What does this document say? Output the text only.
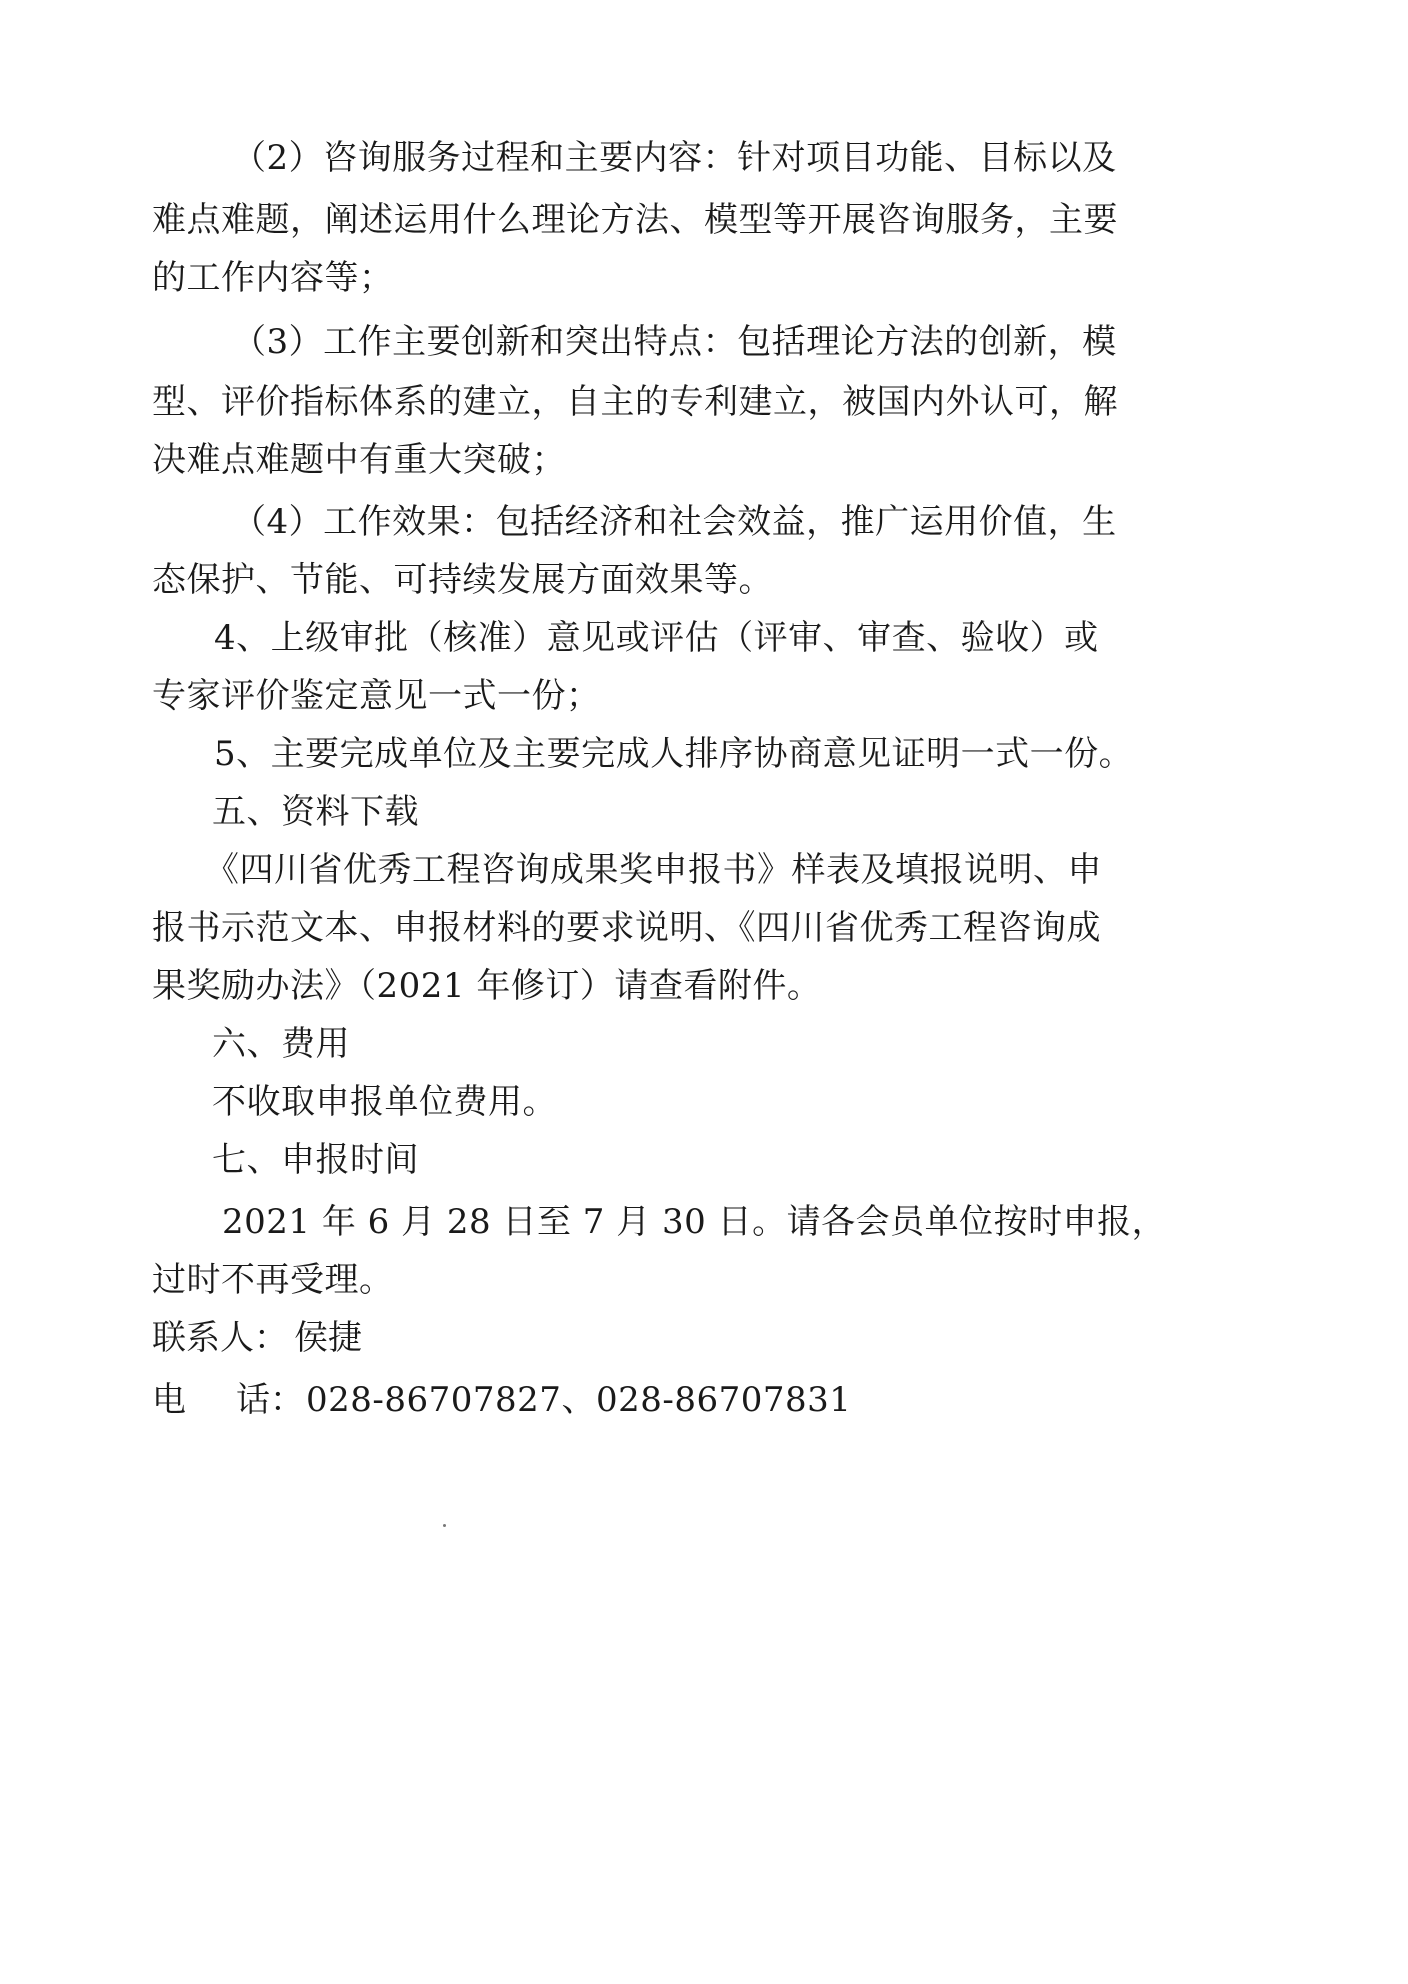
（2）咨询服务过程和主要内容：针对项目功能、目标以及
难点难题，阐述运用什么理论方法、模型等开展咨询服务，主要
的工作内容等；
（3）工作主要创新和突出特点：包括理论方法的创新，模
型、评价指标体系的建立，自主的专利建立，被国内外认可，解
决难点难题中有重大突破；
（4）工作效果：包括经济和社会效益，推广运用价值，生
态保护、节能、可持续发展方面效果等。
4、上级审批（核准）意见或评估（评审、审查、验收）或
专家评价鉴定意见一式一份；
5、主要完成单位及主要完成人排序协商意见证明一式一份。
五、资料下载
《四川省优秀工程咨询成果奖申报书》样表及填报说明、申
报书示范文本、申报材料的要求说明、《四川省优秀工程咨询成
果奖励办法》（2021 年修订）请查看附件。
六、费用
不收取申报单位费用。
七、申报时间
2021 年 6 月 28 日至 7 月 30 日。请各会员单位按时申报，
过时不再受理。
联系人： 侯捷
电 话： 028-86707827、028-86707831
